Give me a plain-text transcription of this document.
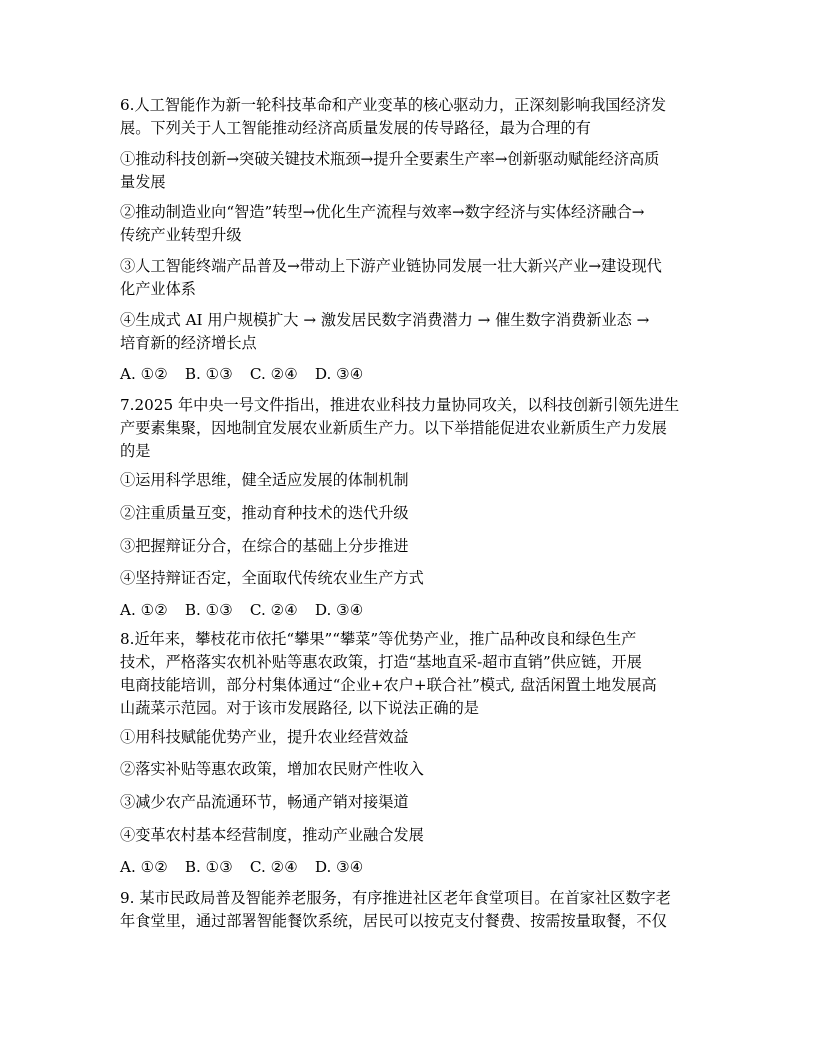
6.人工智能作为新一轮科技革命和产业变革的核心驱动力，正深刻影响我国经济发
展。下列关于人工智能推动经济高质量发展的传导路径，最为合理的有
①推动科技创新→突破关键技术瓶颈→提升全要素生产率→创新驱动赋能经济高质
量发展
②推动制造业向“智造”转型→优化生产流程与效率→数字经济与实体经济融合→
传统产业转型升级
③人工智能终端产品普及→带动上下游产业链协同发展一壮大新兴产业→建设现代
化产业体系
④生成式 AI 用户规模扩大 → 激发居民数字消费潜力 → 催生数字消费新业态 →
培育新的经济增长点
A. ①② B. ①③ C. ②④ D. ③④
7.2025 年中央一号文件指出，推进农业科技力量协同攻关，以科技创新引领先进生
产要素集聚，因地制宜发展农业新质生产力。以下举措能促进农业新质生产力发展
的是
①运用科学思维，健全适应发展的体制机制
②注重质量互变，推动育种技术的迭代升级
③把握辩证分合，在综合的基础上分步推进
④坚持辩证否定，全面取代传统农业生产方式
A. ①② B. ①③ C. ②④ D. ③④
8.近年来，攀枝花市依托“攀果”“攀菜”等优势产业，推广品种改良和绿色生产
技术，严格落实农机补贴等惠农政策，打造“基地直采-超市直销”供应链，开展
电商技能培训，部分村集体通过“企业+农户+联合社”模式, 盘活闲置土地发展高
山蔬菜示范园。对于该市发展路径, 以下说法正确的是
①用科技赋能优势产业，提升农业经营效益
②落实补贴等惠农政策，增加农民财产性收入
③减少农产品流通环节，畅通产销对接渠道
④变革农村基本经营制度，推动产业融合发展
A. ①② B. ①③ C. ②④ D. ③④
9. 某市民政局普及智能养老服务，有序推进社区老年食堂项目。在首家社区数字老
年食堂里，通过部署智能餐饮系统，居民可以按克支付餐费、按需按量取餐，不仅
